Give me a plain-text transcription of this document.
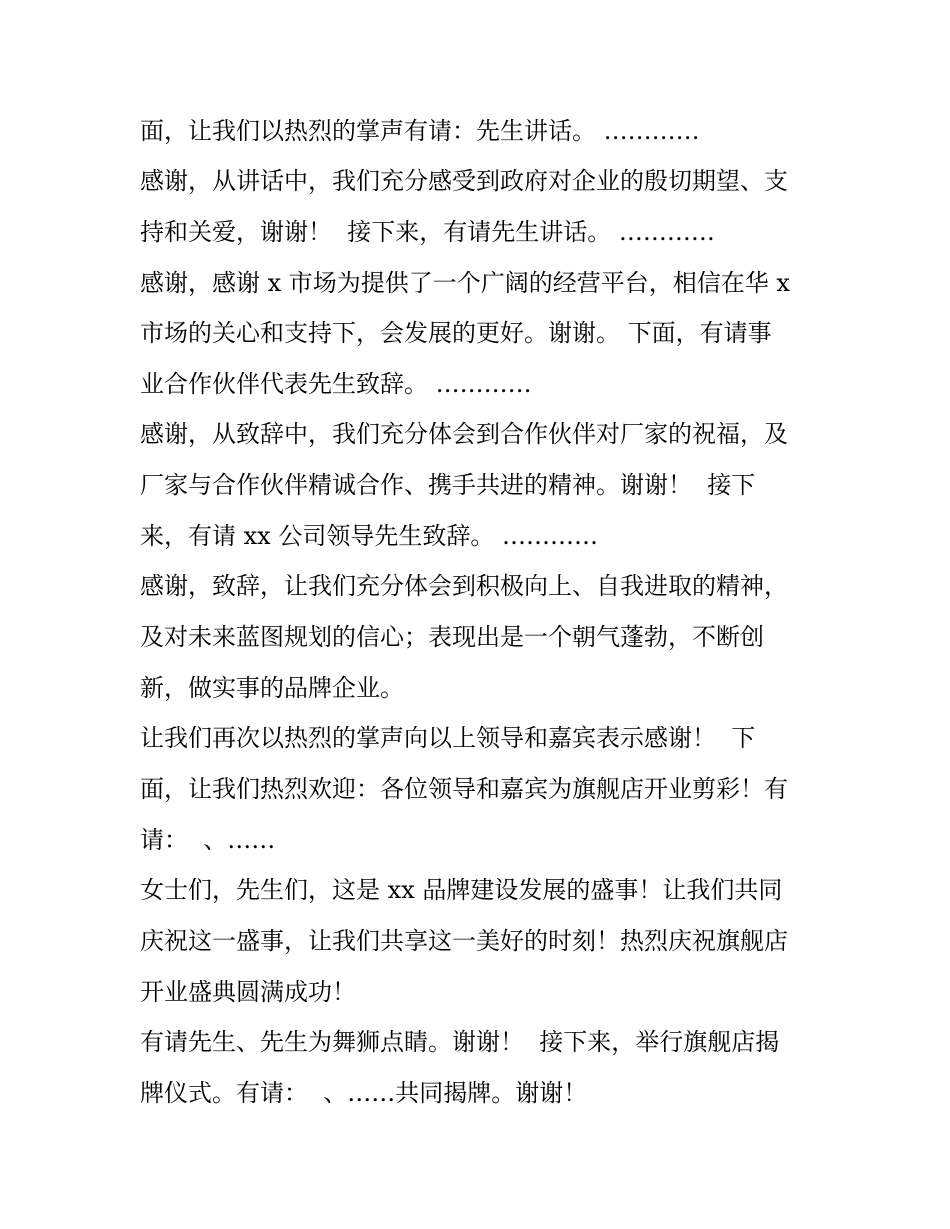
面，让我们以热烈的掌声有请：先生讲话。 …………

感谢，从讲话中，我们充分感受到政府对企业的殷切期望、支

持和关爱，谢谢！  接下来，有请先生讲话。 …………

感谢，感谢 x 市场为提供了一个广阔的经营平台，相信在华 x

市场的关心和支持下，会发展的更好。谢谢。 下面，有请事

业合作伙伴代表先生致辞。 …………

感谢，从致辞中，我们充分体会到合作伙伴对厂家的祝福，及

厂家与合作伙伴精诚合作、携手共进的精神。谢谢！  接下

来，有请 xx 公司领导先生致辞。 …………

感谢，致辞，让我们充分体会到积极向上、自我进取的精神，

及对未来蓝图规划的信心；表现出是一个朝气蓬勃，不断创

新，做实事的品牌企业。

让我们再次以热烈的掌声向以上领导和嘉宾表示感谢！  下

面，让我们热烈欢迎：各位领导和嘉宾为旗舰店开业剪彩！有

请：  、……

女士们，先生们，这是 xx 品牌建设发展的盛事！让我们共同

庆祝这一盛事，让我们共享这一美好的时刻！热烈庆祝旗舰店

开业盛典圆满成功！

有请先生、先生为舞狮点睛。谢谢！  接下来，举行旗舰店揭

牌仪式。有请：  、……共同揭牌。谢谢！
